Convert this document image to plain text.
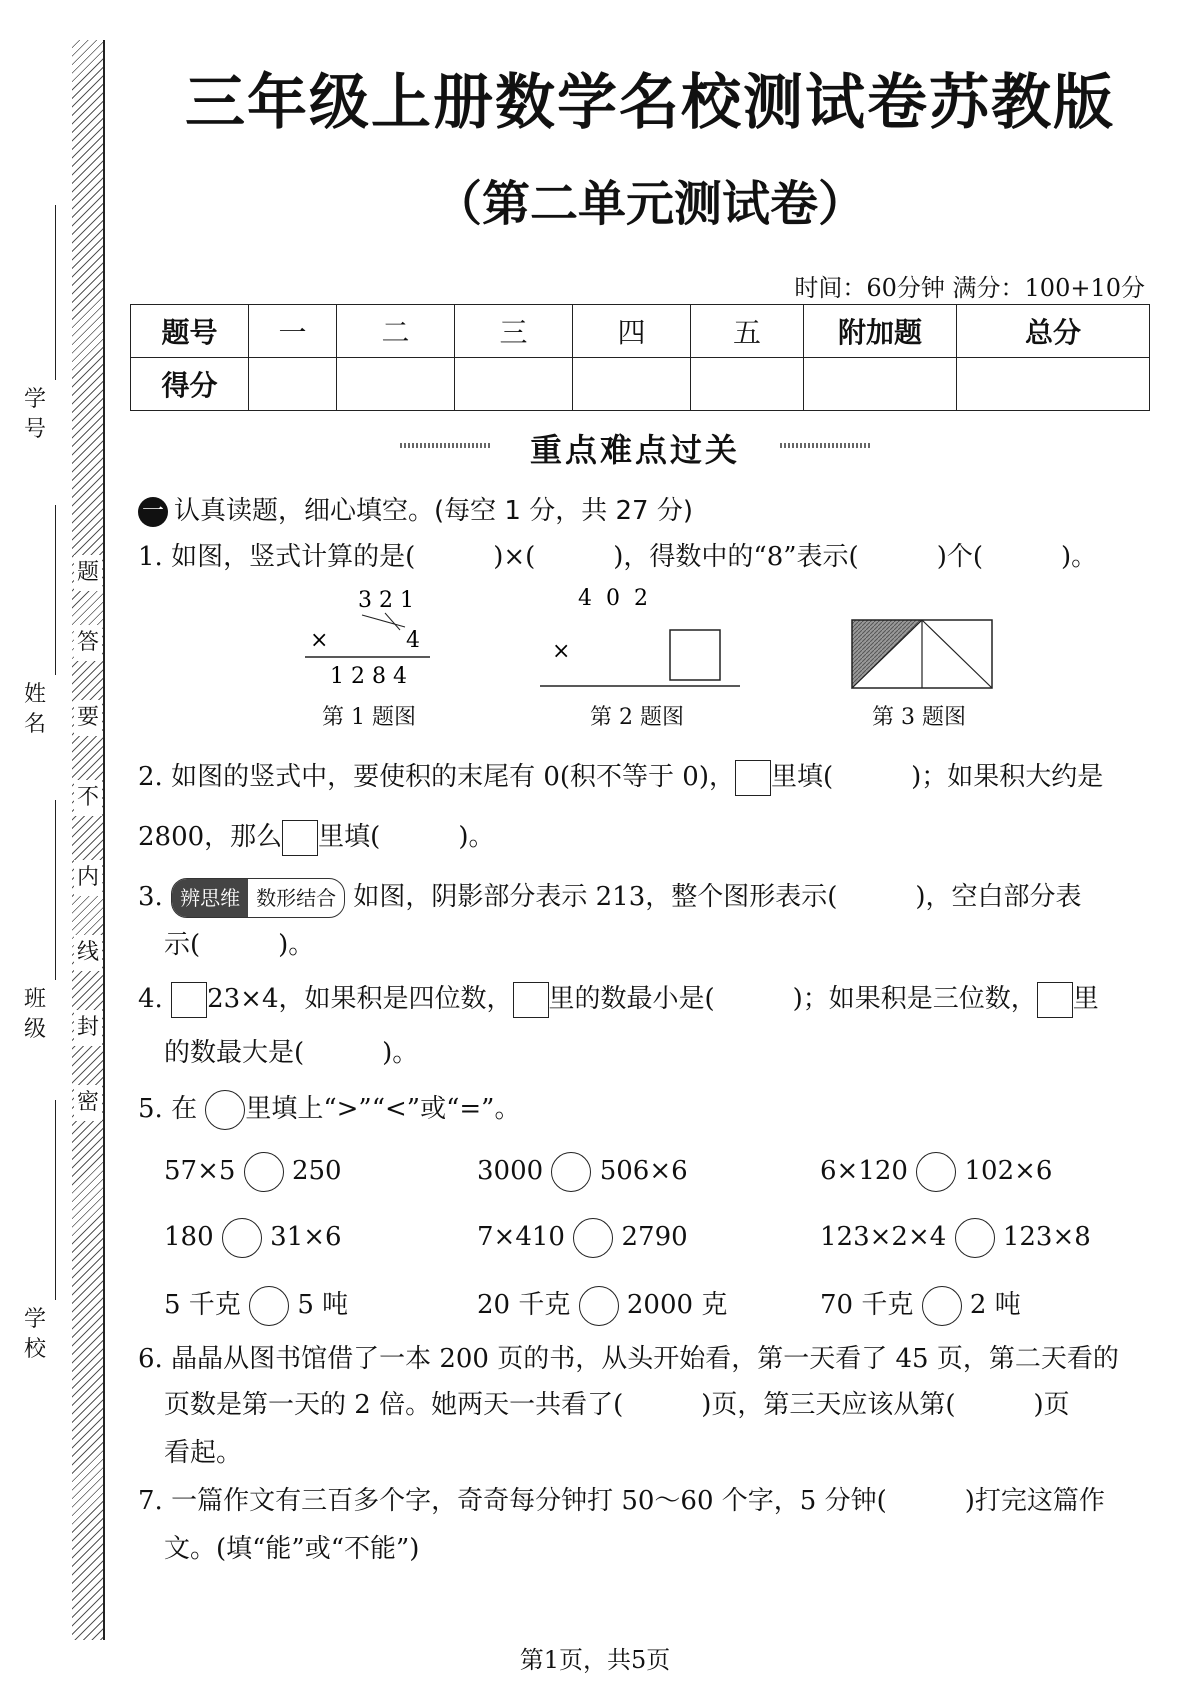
学号
姓名
班级
学校
题
答
要
不
内
线
封
密
三年级上册数学名校测试卷苏教版
（第二单元测试卷）
时间：60分钟 满分：100+10分
题号	一	二	三	四	五	附加题	总分
得分							
重点难点过关
一 认真读题，细心填空。(每空 1 分，共 27 分)
1. 如图，竖式计算的是(　　　)×(　　　)，得数中的“8”表示(　　　)个(　　　)。
3 2 1
×	4
1 2 8 4
第 1 题图
4  0  2
×
第 2 题图	第 3 题图
2. 如图的竖式中，要使积的末尾有 0(积不等于 0)， 里填(　　　)；如果积大约是
2800，那么 里填(　　　)。
3. 辨思维 数形结合 如图，阴影部分表示 213，整个图形表示(　　　)，空白部分表
示(　　　)。
4. 23×4，如果积是四位数， 里的数最小是(　　　)；如果积是三位数， 里
的数最大是(　　　)。
5. 在 里填上“>”“<”或“=”。
57×5 250	3000 506×6	6×120 102×6
180 31×6	7×410 2790	123×2×4 123×8
5 千克 5 吨	20 千克 2000 克	70 千克 2 吨
6. 晶晶从图书馆借了一本 200 页的书，从头开始看，第一天看了 45 页，第二天看的
页数是第一天的 2 倍。她两天一共看了(　　　)页，第三天应该从第(　　　)页
看起。
7. 一篇作文有三百多个字，奇奇每分钟打 50～60 个字，5 分钟(　　　)打完这篇作
文。(填“能”或“不能”)
第1页，共5页
